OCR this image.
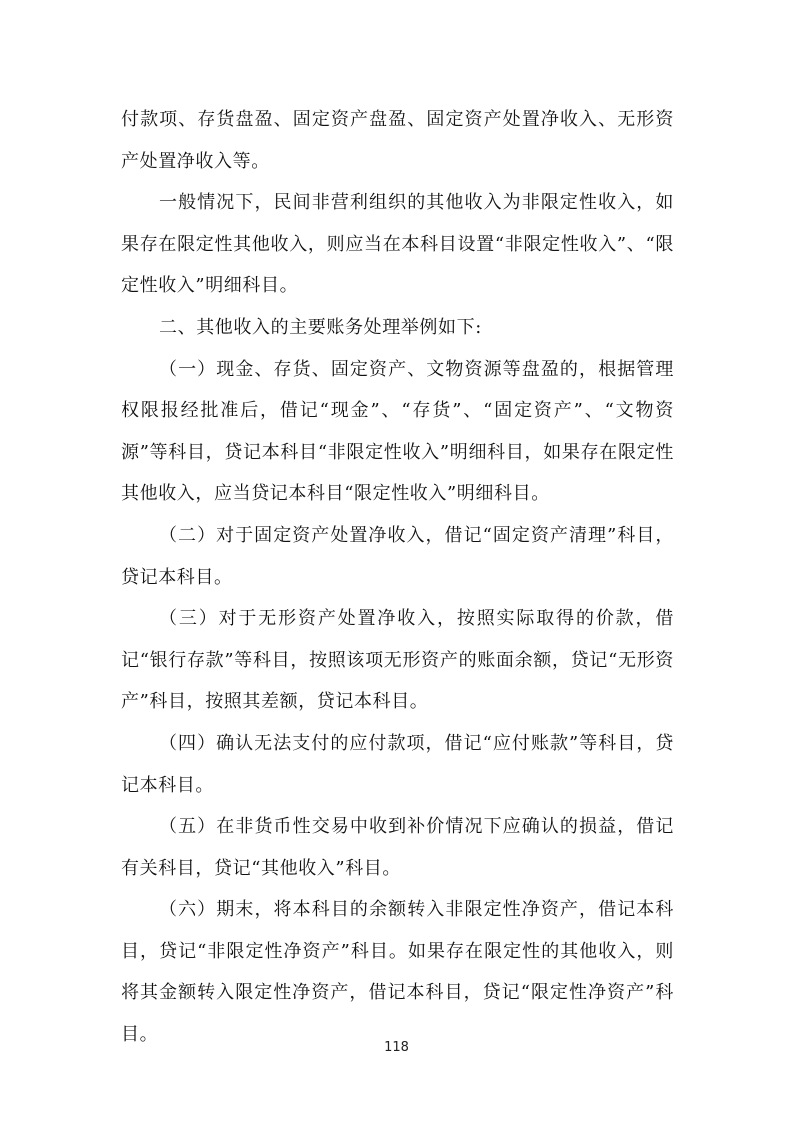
付款项、存货盘盈、固定资产盘盈、固定资产处置净收入、无形资产处置净收入等。

一般情况下，民间非营利组织的其他收入为非限定性收入，如果存在限定性其他收入，则应当在本科目设置“非限定性收入”、“限定性收入”明细科目。

二、其他收入的主要账务处理举例如下:

（一）现金、存货、固定资产、文物资源等盘盈的，根据管理权限报经批准后，借记“现金”、“存货”、“固定资产”、“文物资源”等科目，贷记本科目“非限定性收入”明细科目，如果存在限定性其他收入，应当贷记本科目“限定性收入”明细科目。

（二）对于固定资产处置净收入，借记“固定资产清理”科目，贷记本科目。

（三）对于无形资产处置净收入，按照实际取得的价款，借记“银行存款”等科目，按照该项无形资产的账面余额，贷记“无形资产”科目，按照其差额，贷记本科目。

（四）确认无法支付的应付款项，借记“应付账款”等科目，贷记本科目。

（五）在非货币性交易中收到补价情况下应确认的损益，借记有关科目，贷记“其他收入”科目。

（六）期末，将本科目的余额转入非限定性净资产，借记本科目，贷记“非限定性净资产”科目。如果存在限定性的其他收入，则将其金额转入限定性净资产，借记本科目，贷记“限定性净资产”科目。

118
